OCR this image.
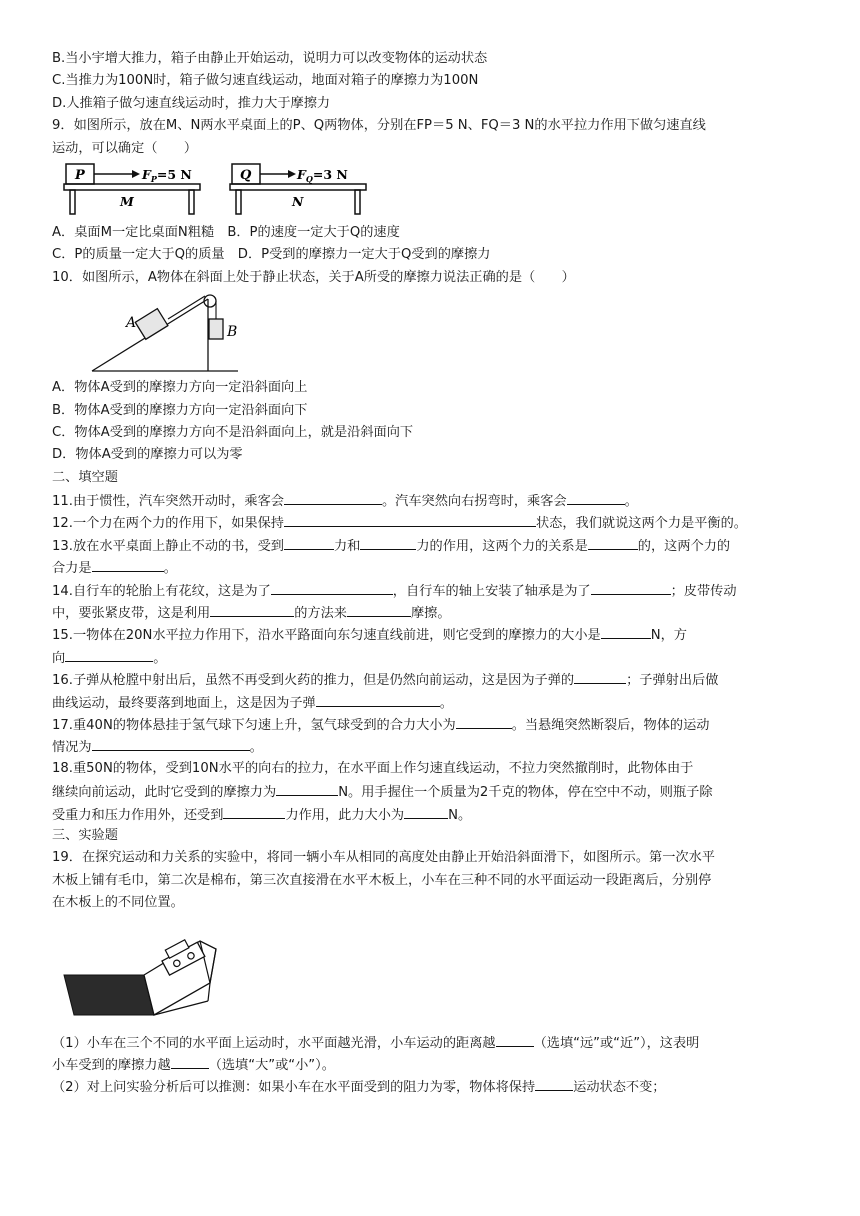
B.当小宇增大推力，箱子由静止开始运动，说明力可以改变物体的运动状态
C.当推力为100N时，箱子做匀速直线运动，地面对箱子的摩擦力为100N
D.人推箱子做匀速直线运动时，推力大于摩擦力
9．如图所示，放在M、N两水平桌面上的P、Q两物体，分别在FP＝5 N、FQ＝3 N的水平拉力作用下做匀速直线
运动，可以确定（　　）
P	$F_P=5$ N
M
Q	$F_Q=3$ N
N
A．桌面M一定比桌面N粗糙　B．P的速度一定大于Q的速度
C．P的质量一定大于Q的质量　D．P受到的摩擦力一定大于Q受到的摩擦力
10．如图所示，A物体在斜面上处于静止状态，关于A所受的摩擦力说法正确的是（　　）
A
B
A．物体A受到的摩擦力方向一定沿斜面向上
B．物体A受到的摩擦力方向一定沿斜面向下
C．物体A受到的摩擦力方向不是沿斜面向上，就是沿斜面向下
D．物体A受到的摩擦力可以为零
二、填空题
11.由于惯性，汽车突然开动时，乘客会	。汽车突然向右拐弯时，乘客会	。
12.一个力在两个力的作用下，如果保持	状态，我们就说这两个力是平衡的。
13.放在水平桌面上静止不动的书，受到	力和	力的作用，这两个力的关系是	的，这两个力的
合力是	。
14.自行车的轮胎上有花纹，这是为了	，自行车的轴上安装了轴承是为了	；皮带传动
中，要张紧皮带，这是利用	的方法来	摩擦。
15.一物体在20N水平拉力作用下，沿水平路面向东匀速直线前进，则它受到的摩擦力的大小是	N，方
向	。
16.子弹从枪膛中射出后，虽然不再受到火药的推力，但是仍然向前运动，这是因为子弹的	；子弹射出后做
曲线运动，最终要落到地面上，这是因为子弹	。
17.重40N的物体悬挂于氢气球下匀速上升，氢气球受到的合力大小为	。当悬绳突然断裂后，物体的运动
情况为	。
18.重50N的物体，受到10N水平的向右的拉力，在水平面上作匀速直线运动，不拉力突然撤削时，此物体由于
继续向前运动，此时它受到的摩擦力为	N。用手握住一个质量为2千克的物体，停在空中不动，则瓶子除
受重力和压力作用外，还受到	力作用，此力大小为	N。
三、实验题
19．在探究运动和力关系的实验中，将同一辆小车从相同的高度处由静止开始沿斜面滑下，如图所示。第一次水平
木板上铺有毛巾，第二次是棉布，第三次直接滑在水平木板上，小车在三种不同的水平面运动一段距离后，分别停
在木板上的不同位置。
（1）小车在三个不同的水平面上运动时，水平面越光滑，小车运动的距离越	（选填“远”或“近”），这表明
小车受到的摩擦力越	（选填“大”或“小”）。
（2）对上问实验分析后可以推测：如果小车在水平面受到的阻力为零，物体将保持	运动状态不变；
